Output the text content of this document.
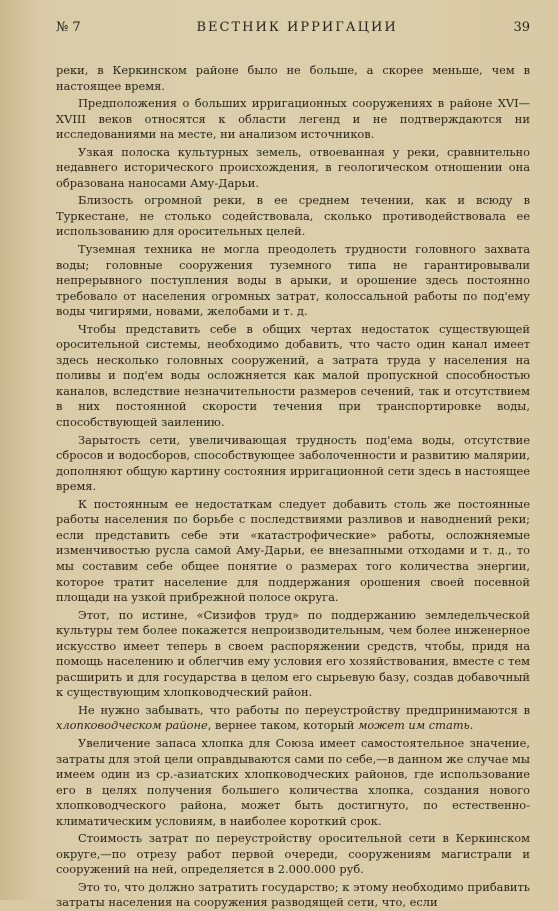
№ 7	ВЕСТНИК ИРРИГАЦИИ	39

реки, в Керкинском районе было не больше, а скорее меньше, чем в настоящее время.

Предположения о больших ирригационных сооружениях в районе XVI—XVIII веков относятся к области легенд и не подтверждаются ни исследованиями на месте, ни анализом источников.

Узкая полоска культурных земель, отвоеванная у реки, сравнительно недавнего исторического происхождения, в геологическом отношении она образована наносами Аму-Дарьи.

Близость огромной реки, в ее среднем течении, как и всюду в Туркестане, не столько содействовала, сколько противодействовала ее использованию для оросительных целей.

Туземная техника не могла преодолеть трудности головного захвата воды; головные сооружения туземного типа не гарантировывали непрерывного поступления воды в арыки, и орошение здесь постоянно требовало от населения огромных затрат, колоссальной работы по под'ему воды чигирями, новами, желобами и т. д.

Чтобы представить себе в общих чертах недостаток существующей оросительной системы, необходимо добавить, что часто один канал имеет здесь несколько головных сооружений, а затрата труда у населения на поливы и под'ем воды осложняется как малой пропускной способностью каналов, вследствие незначительности размеров сечений, так и отсутствием в них постоянной скорости течения при транспортировке воды, способствующей заилению.

Зарытость сети, увеличивающая трудность под'ема воды, отсутствие сбросов и водосборов, способствующее заболоченности и развитию малярии, дополняют общую картину состояния ирригационной сети здесь в настоящее время.

К постоянным ее недостаткам следует добавить столь же постоянные работы населения по борьбе с последствиями разливов и наводнений реки; если представить себе эти «катастрофические» работы, осложняемые изменчивостью русла самой Аму-Дарьи, ее внезапными отходами и т. д., то мы составим себе общее понятие о размерах того количества энергии, которое тратит население для поддержания орошения своей посевной площади на узкой прибрежной полосе округа.

Этот, по истине, «Сизифов труд» по поддержанию земледельческой культуры тем более покажется непроизводительным, чем более инженерное искусство имеет теперь в своем распоряжении средств, чтобы, придя на помощь населению и облегчив ему условия его хозяйствования, вместе с тем расширить и для государства в целом его сырьевую базу, создав добавочный к существующим хлопководческий район.

Не нужно забывать, что работы по переустройству предпринимаются в хлопководческом районе, вернее таком, который может им стать.

Увеличение запаса хлопка для Союза имеет самостоятельное значение, затраты для этой цели оправдываются сами по себе,—в данном же случае мы имеем один из ср.-азиатских хлопководческих районов, где использование его в целях получения большего количества хлопка, создания нового хлопководческого района, может быть достигнуто, по естественно-климатическим условиям, в наиболее короткий срок.

Стоимость затрат по переустройству оросительной сети в Керкинском округе,—по отрезу работ первой очереди, сооружениям магистрали и сооружений на ней, определяется в 2.000.000 руб.

Это то, что должно затратить государство; к этому необходимо прибавить затраты населения на сооружения разводящей сети, что, если
